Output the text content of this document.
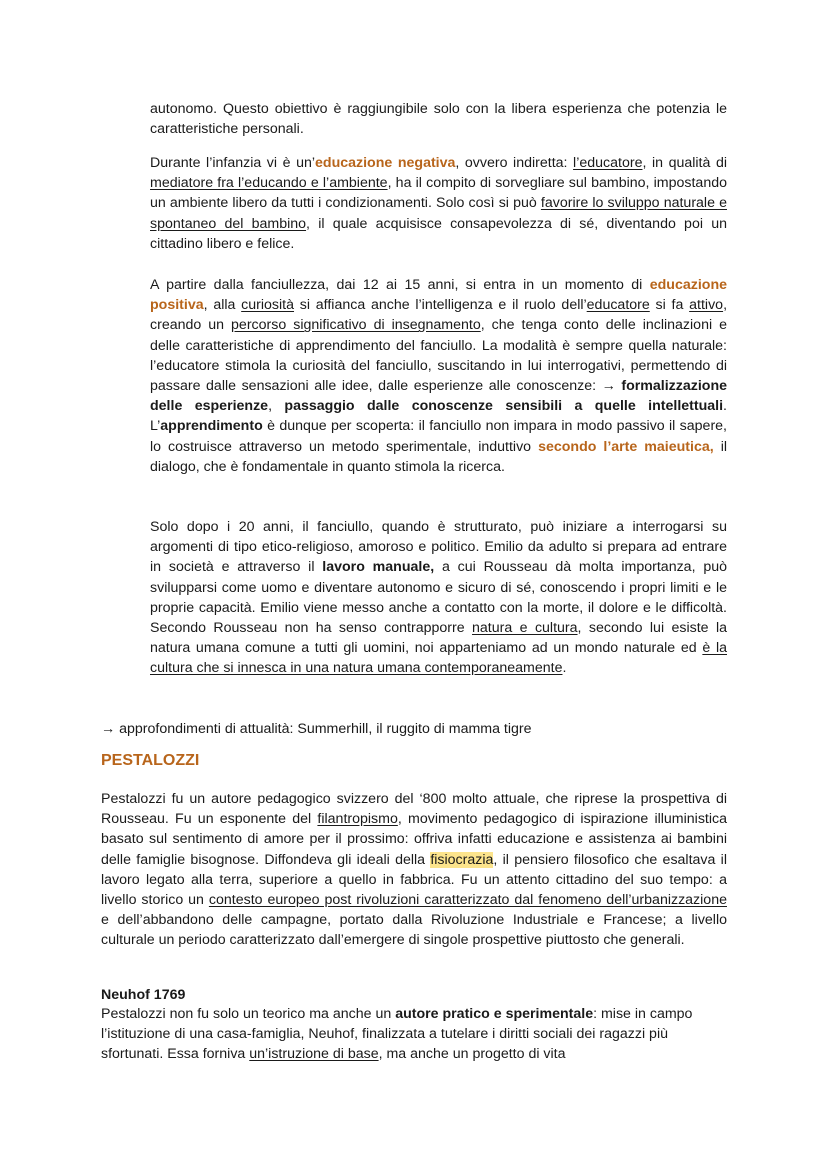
autonomo. Questo obiettivo è raggiungibile solo con la libera esperienza che potenzia le caratteristiche personali.

Durante l’infanzia vi è un’educazione negativa, ovvero indiretta: l’educatore, in qualità di mediatore fra l’educando e l’ambiente, ha il compito di sorvegliare sul bambino, impostando un ambiente libero da tutti i condizionamenti. Solo così si può favorire lo sviluppo naturale e spontaneo del bambino, il quale acquisisce consapevolezza di sé, diventando poi un cittadino libero e felice.

A partire dalla fanciullezza, dai 12 ai 15 anni, si entra in un momento di educazione positiva, alla curiosità si affianca anche l’intelligenza e il ruolo dell’educatore si fa attivo, creando un percorso significativo di insegnamento, che tenga conto delle inclinazioni e delle caratteristiche di apprendimento del fanciullo. La modalità è sempre quella naturale: l’educatore stimola la curiosità del fanciullo, suscitando in lui interrogativi, permettendo di passare dalle sensazioni alle idee, dalle esperienze alle conoscenze: → formalizzazione delle esperienze, passaggio dalle conoscenze sensibili a quelle intellettuali. L’apprendimento è dunque per scoperta: il fanciullo non impara in modo passivo il sapere, lo costruisce attraverso un metodo sperimentale, induttivo secondo l’arte maieutica, il dialogo, che è fondamentale in quanto stimola la ricerca.

Solo dopo i 20 anni, il fanciullo, quando è strutturato, può iniziare a interrogarsi su argomenti di tipo etico-religioso, amoroso e politico. Emilio da adulto si prepara ad entrare in società e attraverso il lavoro manuale, a cui Rousseau dà molta importanza, può svilupparsi come uomo e diventare autonomo e sicuro di sé, conoscendo i propri limiti e le proprie capacità. Emilio viene messo anche a contatto con la morte, il dolore e le difficoltà. Secondo Rousseau non ha senso contrapporre natura e cultura, secondo lui esiste la natura umana comune a tutti gli uomini, noi apparteniamo ad un mondo naturale ed è la cultura che si innesca in una natura umana contemporaneamente.

→ approfondimenti di attualità: Summerhill, il ruggito di mamma tigre

PESTALOZZI

Pestalozzi fu un autore pedagogico svizzero del ‘800 molto attuale, che riprese la prospettiva di Rousseau. Fu un esponente del filantropismo, movimento pedagogico di ispirazione illuministica basato sul sentimento di amore per il prossimo: offriva infatti educazione e assistenza ai bambini delle famiglie bisognose. Diffondeva gli ideali della fisiocrazia, il pensiero filosofico che esaltava il lavoro legato alla terra, superiore a quello in fabbrica. Fu un attento cittadino del suo tempo: a livello storico un contesto europeo post rivoluzioni caratterizzato dal fenomeno dell’urbanizzazione e dell’abbandono delle campagne, portato dalla Rivoluzione Industriale e Francese; a livello culturale un periodo caratterizzato dall’emergere di singole prospettive piuttosto che generali.

Neuhof 1769

Pestalozzi non fu solo un teorico ma anche un autore pratico e sperimentale: mise in campo l’istituzione di una casa-famiglia, Neuhof, finalizzata a tutelare i diritti sociali dei ragazzi più sfortunati. Essa forniva un’istruzione di base, ma anche un progetto di vita
